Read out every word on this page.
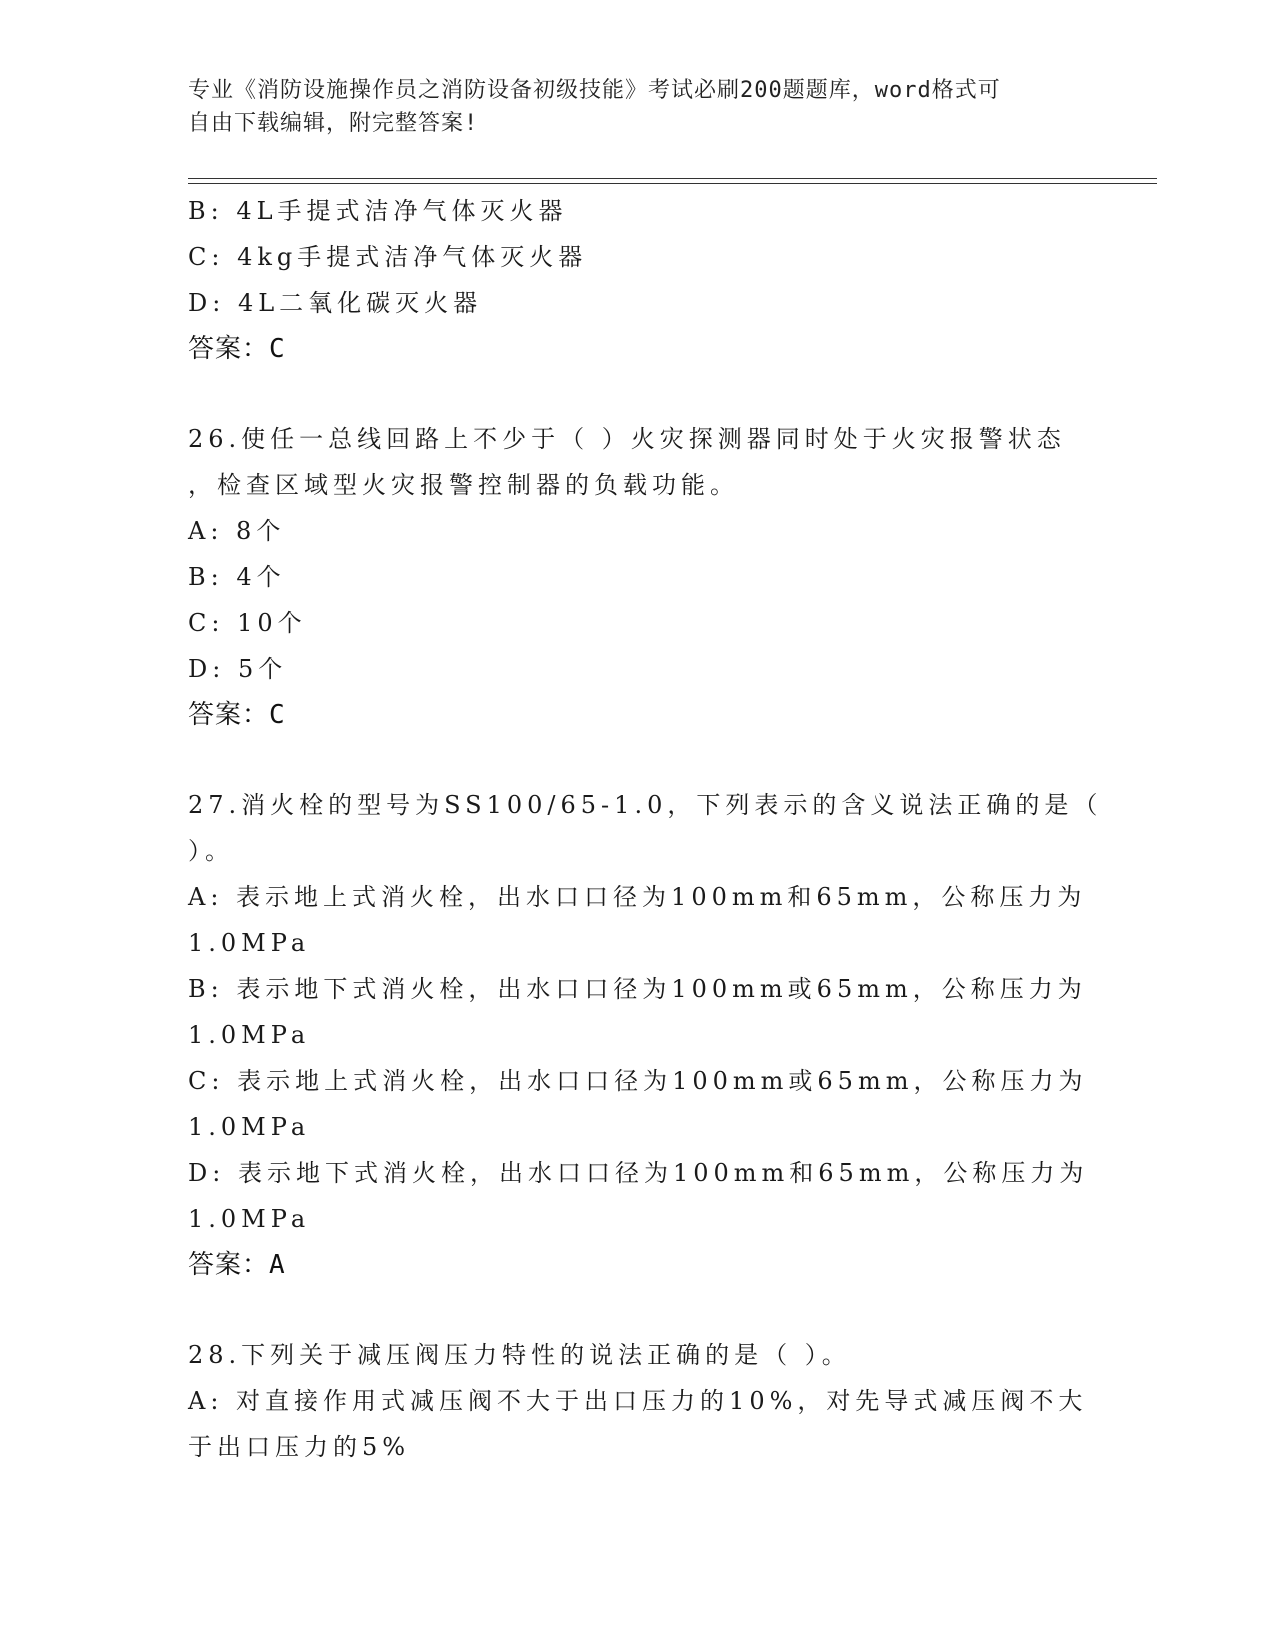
专业《消防设施操作员之消防设备初级技能》考试必刷200题题库，word格式可
自由下载编辑，附完整答案!
B: 4L手提式洁净气体灭火器
C: 4kg手提式洁净气体灭火器
D: 4L二氧化碳灭火器
答案：C
26.使任一总线回路上不少于（ ）火灾探测器同时处于火灾报警状态
，检查区域型火灾报警控制器的负载功能。
A: 8个
B: 4个
C: 10个
D: 5个
答案：C
27.消火栓的型号为SS100/65-1.0，下列表示的含义说法正确的是（
）。
A: 表示地上式消火栓，出水口口径为100mm和65mm，公称压力为
1.0MPa
B: 表示地下式消火栓，出水口口径为100mm或65mm，公称压力为
1.0MPa
C: 表示地上式消火栓，出水口口径为100mm或65mm，公称压力为
1.0MPa
D: 表示地下式消火栓，出水口口径为100mm和65mm，公称压力为
1.0MPa
答案：A
28.下列关于减压阀压力特性的说法正确的是（ ）。
A: 对直接作用式减压阀不大于出口压力的10%，对先导式减压阀不大
于出口压力的5%
